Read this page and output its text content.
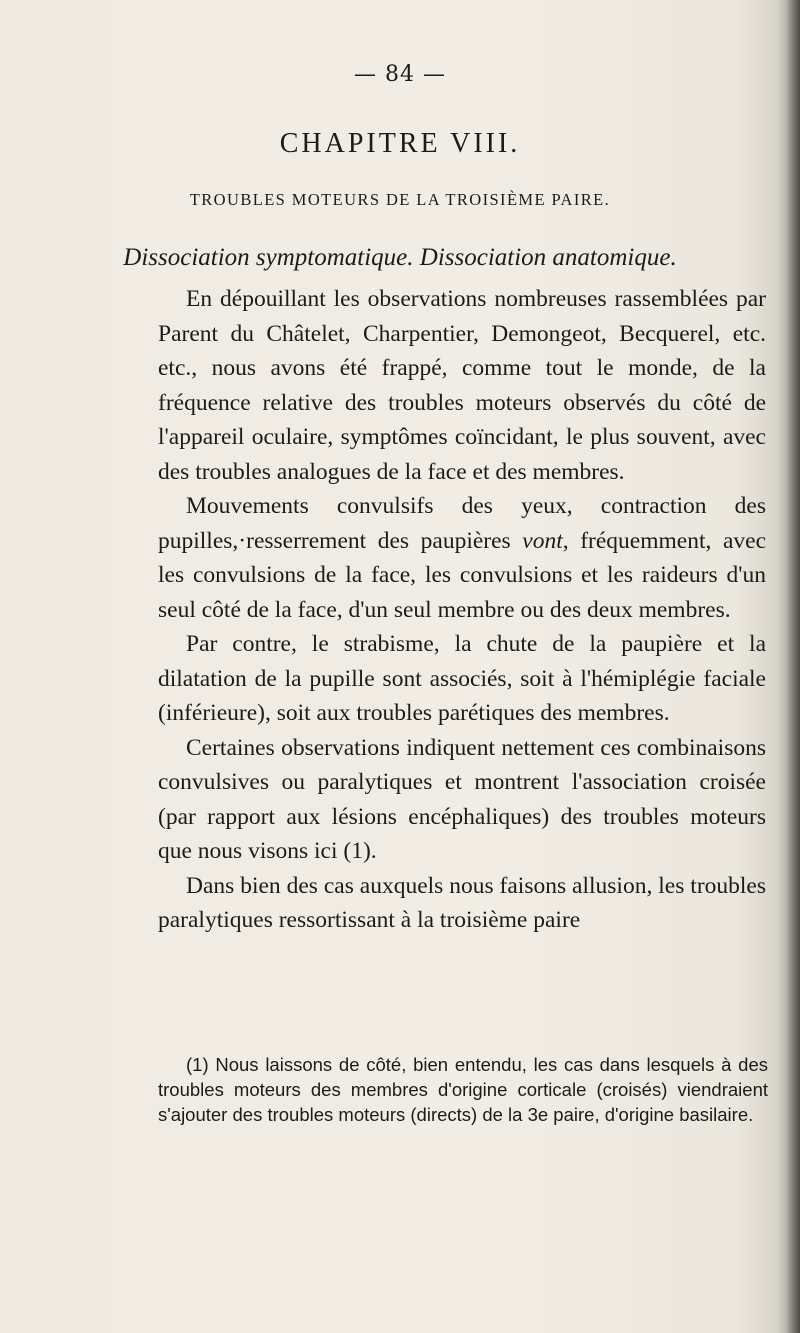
— 84 —
CHAPITRE VIII.
TROUBLES MOTEURS DE LA TROISIÈME PAIRE.
Dissociation symptomatique. Dissociation anatomique.

En dépouillant les observations nombreuses rassemblées par Parent du Châtelet, Charpentier, Demongeot, Becquerel, etc. etc., nous avons été frappé, comme tout le monde, de la fréquence relative des troubles moteurs observés du côté de l'appareil oculaire, symptômes coïncidant, le plus souvent, avec des troubles analogues de la face et des membres.

Mouvements convulsifs des yeux, contraction des pupilles,·resserrement des paupières vont, fréquemment, avec les convulsions de la face, les convulsions et les raideurs d'un seul côté de la face, d'un seul membre ou des deux membres.

Par contre, le strabisme, la chute de la paupière et la dilatation de la pupille sont associés, soit à l'hémiplégie faciale (inférieure), soit aux troubles parétiques des membres.

Certaines observations indiquent nettement ces combinaisons convulsives ou paralytiques et montrent l'association croisée (par rapport aux lésions encéphaliques) des troubles moteurs que nous visons ici (1).

Dans bien des cas auxquels nous faisons allusion, les troubles paralytiques ressortissant à la troisième paire

(1) Nous laissons de côté, bien entendu, les cas dans lesquels à des troubles moteurs des membres d'origine corticale (croisés) viendraient s'ajouter des troubles moteurs (directs) de la 3e paire, d'origine basilaire.
